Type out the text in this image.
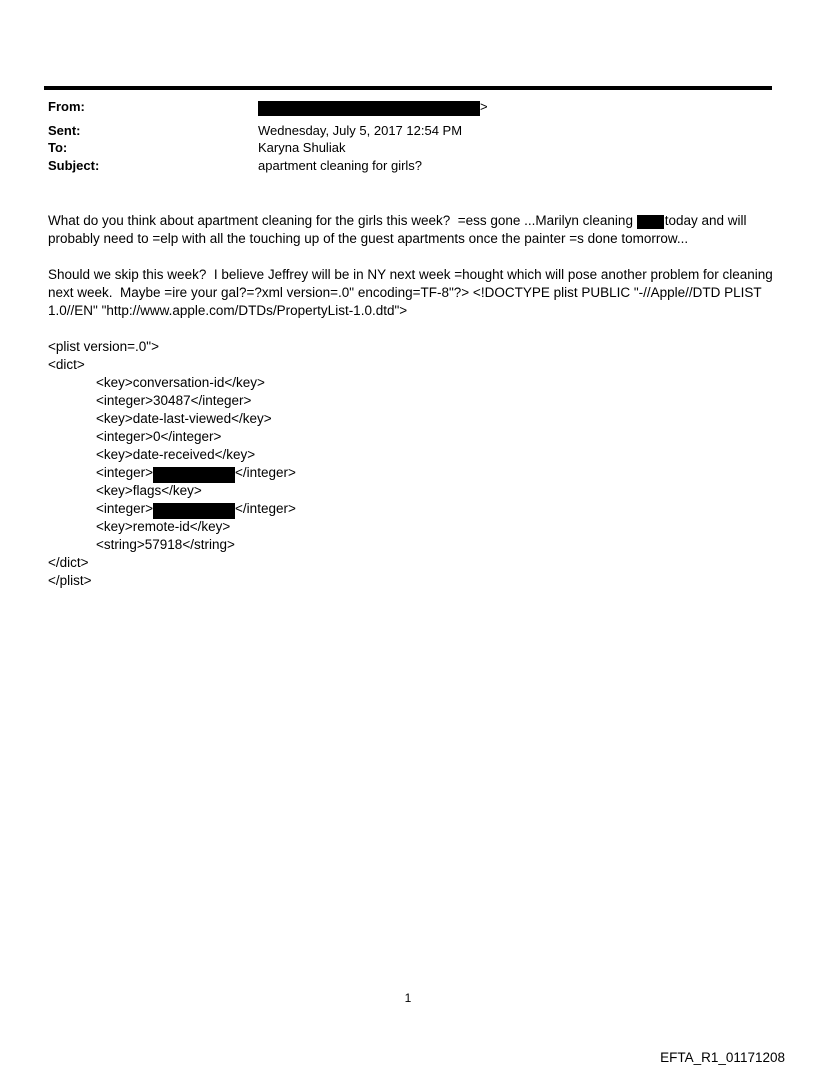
From:	>
Sent:	Wednesday, July 5, 2017 12:54 PM
To:	Karyna Shuliak
Subject:	apartment cleaning for girls?

What do you think about apartment cleaning for the girls this week?  =ess gone ...Marilyn cleaning today and will probably need to =elp with all the touching up of the guest apartments once the painter =s done tomorrow...

Should we skip this week?  I believe Jeffrey will be in NY next week =hought which will pose another problem for cleaning next week.  Maybe =ire your gal?=?xml version=.0" encoding=TF-8"?> <!DOCTYPE plist PUBLIC "-//Apple//DTD PLIST 1.0//EN" "http://www.apple.com/DTDs/PropertyList-1.0.dtd">

<plist version=.0">
<dict>
<key>conversation-id</key>
<integer>30487</integer>
<key>date-last-viewed</key>
<integer>0</integer>
<key>date-received</key>
<integer>	</integer>
<key>flags</key>
<integer>	</integer>
<key>remote-id</key>
<string>57918</string>
</dict>
</plist>
1
EFTA_R1_01171208
